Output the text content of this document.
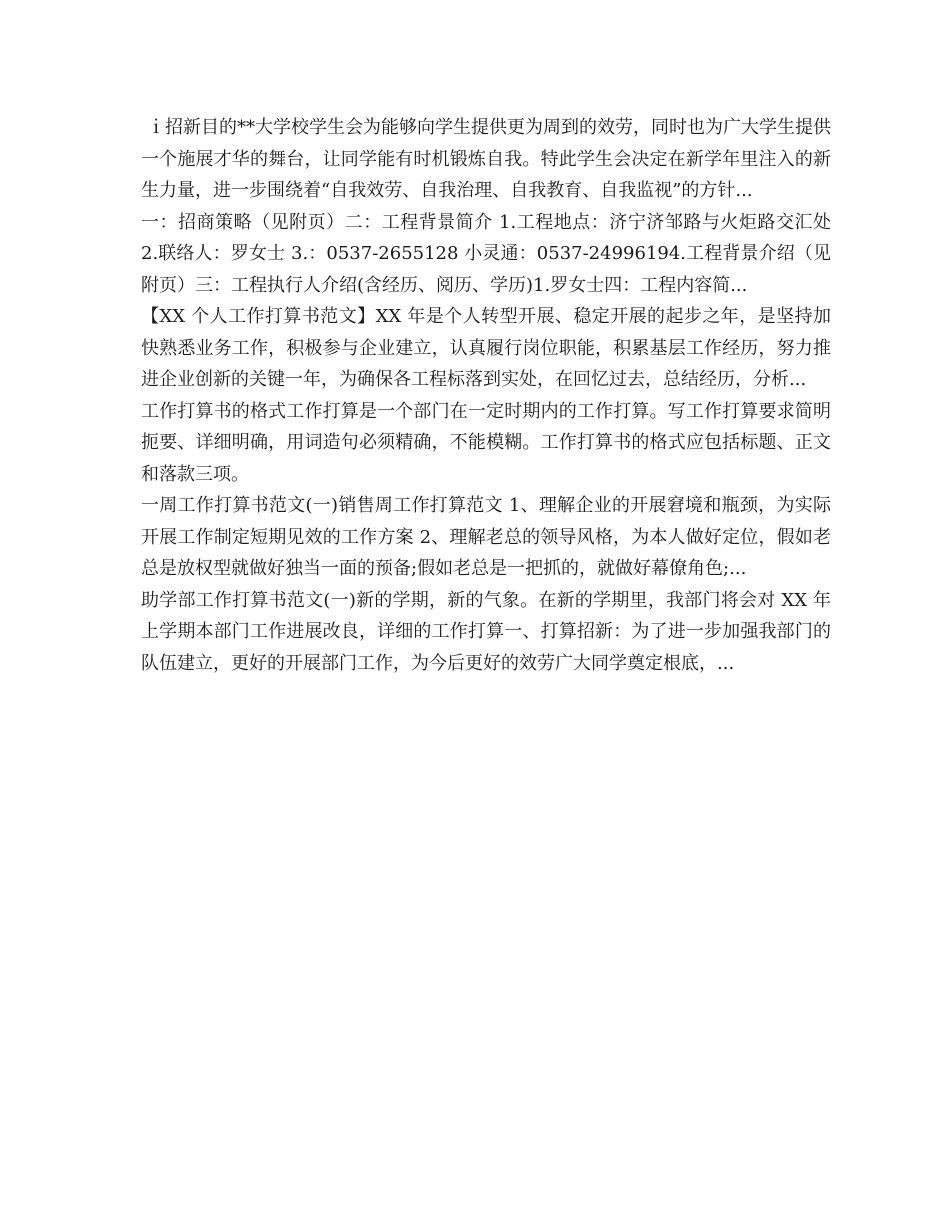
ｉ招新目的**大学校学生会为能够向学生提供更为周到的效劳，同时也为广大学生提供一个施展才华的舞台，让同学能有时机锻炼自我。特此学生会决定在新学年里注入的新生力量，进一步围绕着“自我效劳、自我治理、自我教育、自我监视”的方针...

一：招商策略（见附页）二：工程背景简介 1.工程地点：济宁济邹路与火炬路交汇处 2.联络人：罗女士 3.：0537-2655128 小灵通：0537-24996194.工程背景介绍（见附页）三：工程执行人介绍(含经历、阅历、学历)1.罗女士四：工程内容简...

【XX 个人工作打算书范文】XX 年是个人转型开展、稳定开展的起步之年，是坚持加快熟悉业务工作，积极参与企业建立，认真履行岗位职能，积累基层工作经历，努力推进企业创新的关键一年，为确保各工程标落到实处，在回忆过去，总结经历，分析...

工作打算书的格式工作打算是一个部门在一定时期内的工作打算。写工作打算要求简明扼要、详细明确，用词造句必须精确，不能模糊。工作打算书的格式应包括标题、正文和落款三项。

一周工作打算书范文(一)销售周工作打算范文 1、理解企业的开展窘境和瓶颈，为实际开展工作制定短期见效的工作方案 2、理解老总的领导风格，为本人做好定位，假如老总是放权型就做好独当一面的预备;假如老总是一把抓的，就做好幕僚角色;...

助学部工作打算书范文(一)新的学期，新的气象。在新的学期里，我部门将会对 XX 年上学期本部门工作进展改良，详细的工作打算一、打算招新：为了进一步加强我部门的队伍建立，更好的开展部门工作，为今后更好的效劳广大同学奠定根底，...
